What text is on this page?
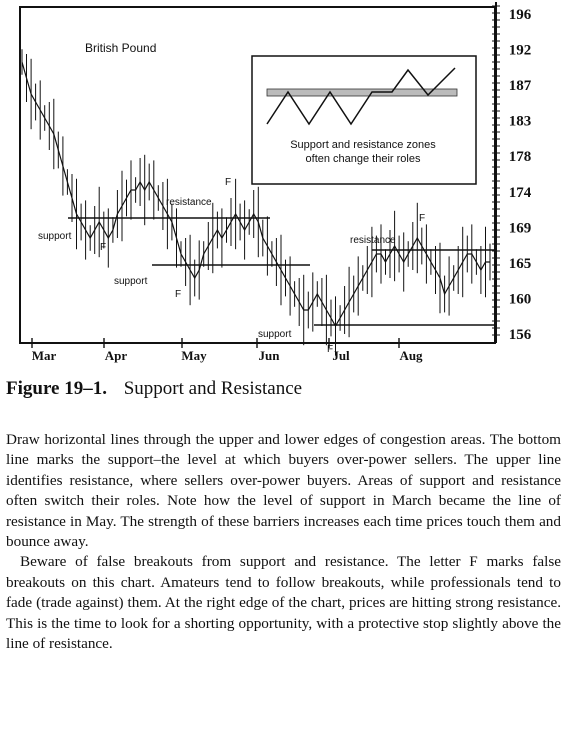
British Pound
Support and resistance zones
often change their roles
196
192
187
183
178
174
169
165
160
156
Mar	Apr	May	Jun	Jul	Aug
support
resistance
support
support
resistance
F
F
F
F
F
Figure 19–1. Support and Resistance

Draw horizontal lines through the upper and lower edges of congestion areas. The bottom line marks the support–the level at which buyers over-power sellers. The upper line identifies resistance, where sellers over-power buyers. Areas of support and resistance often switch their roles. Note how the level of support in March became the line of resistance in May. The strength of these barriers increases each time prices touch them and bounce away.

Beware of false breakouts from support and resistance. The letter F marks false breakouts on this chart. Amateurs tend to follow breakouts, while professionals tend to fade (trade against) them. At the right edge of the chart, prices are hitting strong resistance. This is the time to look for a shorting opportunity, with a protective stop slightly above the line of resistance.
